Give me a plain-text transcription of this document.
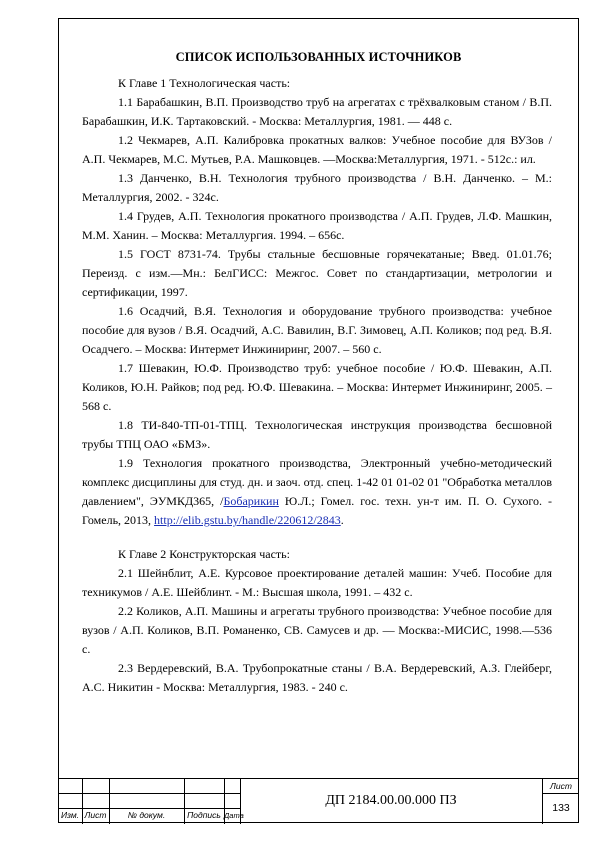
СПИСОК ИСПОЛЬЗОВАННЫХ ИСТОЧНИКОВ

К Главе 1 Технологическая часть:

1.1 Барабашкин, В.П. Производство труб на агрегатах с трёхвалковым станом / В.П. Барабашкин, И.К. Тартаковский. - Москва: Металлургия, 1981. — 448 с.

1.2 Чекмарев, А.П. Калибровка прокатных валков: Учебное пособие для ВУЗов / А.П. Чекмарев, М.С. Мутьев, Р.А. Машковцев. —Москва:Металлургия, 1971. - 512с.: ил.

1.3 Данченко, В.Н. Технология трубного производства / В.Н. Данченко. – М.: Металлургия, 2002. - 324с.

1.4 Грудев, А.П. Технология прокатного производства / А.П. Грудев, Л.Ф. Машкин, М.М. Ханин. – Москва: Металлургия. 1994. – 656с.

1.5 ГОСТ 8731-74. Трубы стальные бесшовные горячекатаные; Введ. 01.01.76; Переизд. с изм.—Мн.: БелГИСС: Межгос. Совет по стандартизации, метрологии и сертификации, 1997.

1.6 Осадчий, В.Я. Технология и оборудование трубного производства: учебное пособие для вузов / В.Я. Осадчий, А.С. Вавилин, В.Г. Зимовец, А.П. Коликов; под ред. В.Я. Осадчего. – Москва: Интермет Инжиниринг, 2007. – 560 с.

1.7 Шевакин, Ю.Ф. Производство труб: учебное пособие / Ю.Ф. Шевакин, А.П. Коликов, Ю.Н. Райков; под ред. Ю.Ф. Шевакина. – Москва: Интермет Инжиниринг, 2005. – 568 с.

1.8 ТИ-840-ТП-01-ТПЦ. Технологическая инструкция производства бесшовной трубы ТПЦ ОАО «БМЗ».

1.9 Технология прокатного производства, Электронный учебно-методический комплекс дисциплины для студ. дн. и заоч. отд. спец. 1-42 01 01-02 01 "Обработка металлов давлением", ЭУМКД365, /Бобарикин Ю.Л.; Гомел. гос. техн. ун-т им. П. О. Сухого. - Гомель, 2013, http://elib.gstu.by/handle/220612/2843.

К Главе 2 Конструкторская часть:

2.1 Шейнблит, А.Е. Курсовое проектирование деталей машин: Учеб. Пособие для техникумов / А.Е. Шейблинт. - М.: Высшая школа, 1991. – 432 с.

2.2 Коликов, А.П. Машины и агрегаты трубного производства: Учебное пособие для вузов / А.П. Коликов, В.П. Романенко, СВ. Самусев и др. — Москва:-МИСИС, 1998.—536 с.

2.3 Вердеревский, В.А. Трубопрокатные станы / В.А. Вердеревский, А.З. Глейберг, А.С. Никитин - Москва: Металлургия, 1983. - 240 с.

Изм. Лист	№ докум.	Подпись Дата
ДП 2184.00.00.000 ПЗ
Лист
133
